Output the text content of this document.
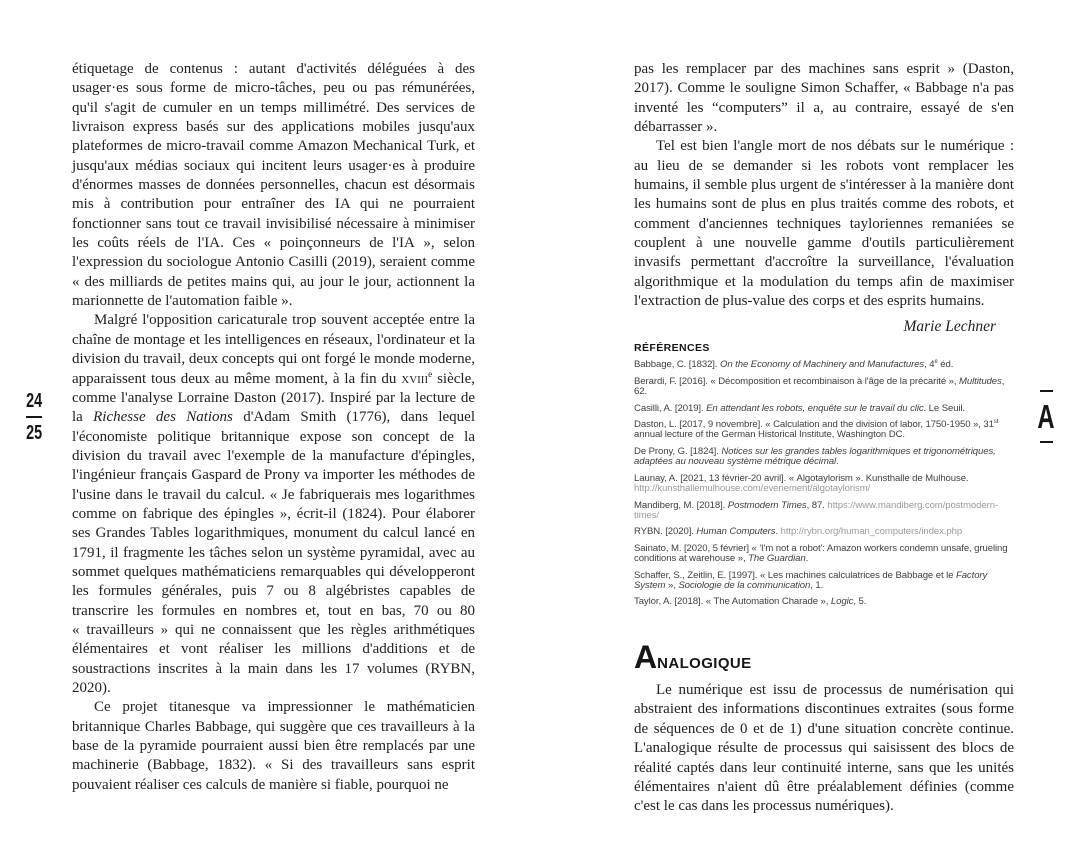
24
25

étiquetage de contenus : autant d'activités déléguées à des usager·es sous forme de micro-tâches, peu ou pas rémunérées, qu'il s'agit de cumuler en un temps millimétré. Des services de livraison express basés sur des applications mobiles jusqu'aux plateformes de micro-travail comme Amazon Mechanical Turk, et jusqu'aux médias sociaux qui incitent leurs usager·es à produire d'énormes masses de données personnelles, chacun est désormais mis à contribution pour entraîner des IA qui ne pourraient fonctionner sans tout ce travail invisibilisé nécessaire à minimiser les coûts réels de l'IA. Ces « poinçonneurs de l'IA », selon l'expression du sociologue Antonio Casilli (2019), seraient comme « des milliards de petites mains qui, au jour le jour, actionnent la marionnette de l'automation faible ».

Malgré l'opposition caricaturale trop souvent acceptée entre la chaîne de montage et les intelligences en réseaux, l'ordinateur et la division du travail, deux concepts qui ont forgé le monde moderne, apparaissent tous deux au même moment, à la fin du xviii$^e$ siècle, comme l'analyse Lorraine Daston (2017). Inspiré par la lecture de la Richesse des Nations d'Adam Smith (1776), dans lequel l'économiste politique britannique expose son concept de la division du travail avec l'exemple de la manufacture d'épingles, l'ingénieur français Gaspard de Prony va importer les méthodes de l'usine dans le travail du calcul. « Je fabriquerais mes logarithmes comme on fabrique des épingles », écrit-il (1824). Pour élaborer ses Grandes Tables logarithmiques, monument du calcul lancé en 1791, il fragmente les tâches selon un système pyramidal, avec au sommet quelques mathématiciens remarquables qui développeront les formules générales, puis 7 ou 8 algébristes capables de transcrire les formules en nombres et, tout en bas, 70 ou 80 « travailleurs » qui ne connaissent que les règles arithmétiques élémentaires et vont réaliser les millions d'additions et de soustractions inscrites à la main dans les 17 volumes (RYBN, 2020).

Ce projet titanesque va impressionner le mathématicien britannique Charles Babbage, qui suggère que ces travailleurs à la base de la pyramide pourraient aussi bien être remplacés par une machinerie (Babbage, 1832). « Si des travailleurs sans esprit pouvaient réaliser ces calculs de manière si fiable, pourquoi ne

pas les remplacer par des machines sans esprit » (Daston, 2017). Comme le souligne Simon Schaffer, « Babbage n'a pas inventé les “computers” il a, au contraire, essayé de s'en débarrasser ».

Tel est bien l'angle mort de nos débats sur le numérique : au lieu de se demander si les robots vont remplacer les humains, il semble plus urgent de s'intéresser à la manière dont les humains sont de plus en plus traités comme des robots, et comment d'anciennes techniques tayloriennes remaniées se couplent à une nouvelle gamme d'outils particulièrement invasifs permettant d'accroître la surveillance, l'évaluation algorithmique et la modulation du temps afin de maximiser l'extraction de plus-value des corps et des esprits humains.

Marie Lechner
RÉFÉRENCES

Babbage, C. [1832]. On the Economy of Machinery and Manufactures, 4e éd.

Berardi, F. [2016]. « Décomposition et recombinaison à l'âge de la précarité », Multitudes, 62.

Casilli, A. [2019]. En attendant les robots, enquête sur le travail du clic. Le Seuil.

Daston, L. [2017, 9 novembre]. « Calculation and the division of labor, 1750-1950 », 31st annual lecture of the German Historical Institute, Washington DC.

De Prony, G. [1824]. Notices sur les grandes tables logarithmiques et trigonométriques, adaptées au nouveau système métrique décimal.

Launay, A. [2021, 13 février-20 avril]. « Algotaylorism ». Kunsthalle de Mulhouse. http://kunsthallemulhouse.com/evenement/algotaylorism/

Mandiberg, M. [2018]. Postmodern Times, 87. https://www.mandiberg.com/postmodern-times/

RYBN. [2020]. Human Computers. http://rybn.org/human_computers/index.php

Sainato, M. [2020, 5 février] « 'I'm not a robot': Amazon workers condemn unsafe, grueling conditions at warehouse », The Guardian.

Schaffer, S., Zeitlin, E. [1997]. « Les machines calculatrices de Babbage et le Factory System », Sociologie de la communication, 1.

Taylor, A. [2018]. « The Automation Charade », Logic, 5.

ANALOGIQUE

Le numérique est issu de processus de numérisation qui abstraient des informations discontinues extraites (sous forme de séquences de 0 et de 1) d'une situation concrète continue. L'analogique résulte de processus qui saisissent des blocs de réalité captés dans leur continuité interne, sans que les unités élémentaires n'aient dû être préalablement définies (comme c'est le cas dans les processus numériques).

A
